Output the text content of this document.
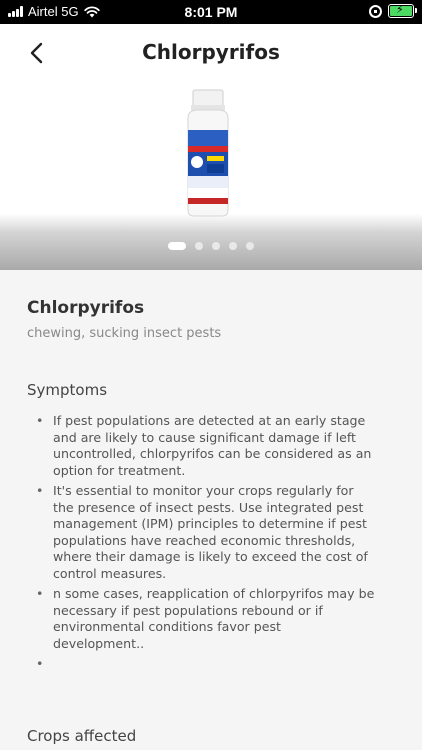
Airtel 5G	8:01 PM	⚡
Chlorpyrifos
Chlorpyrifos
chewing, sucking insect pests
Symptoms
• If pest populations are detected at an early stage and are likely to cause significant damage if left uncontrolled, chlorpyrifos can be considered as an option for treatment.
• It's essential to monitor your crops regularly for the presence of insect pests. Use integrated pest management (IPM) principles to determine if pest populations have reached economic thresholds, where their damage is likely to exceed the cost of control measures.
• n some cases, reapplication of chlorpyrifos may be necessary if pest populations rebound or if environmental conditions favor pest development..
•
Crops affected
